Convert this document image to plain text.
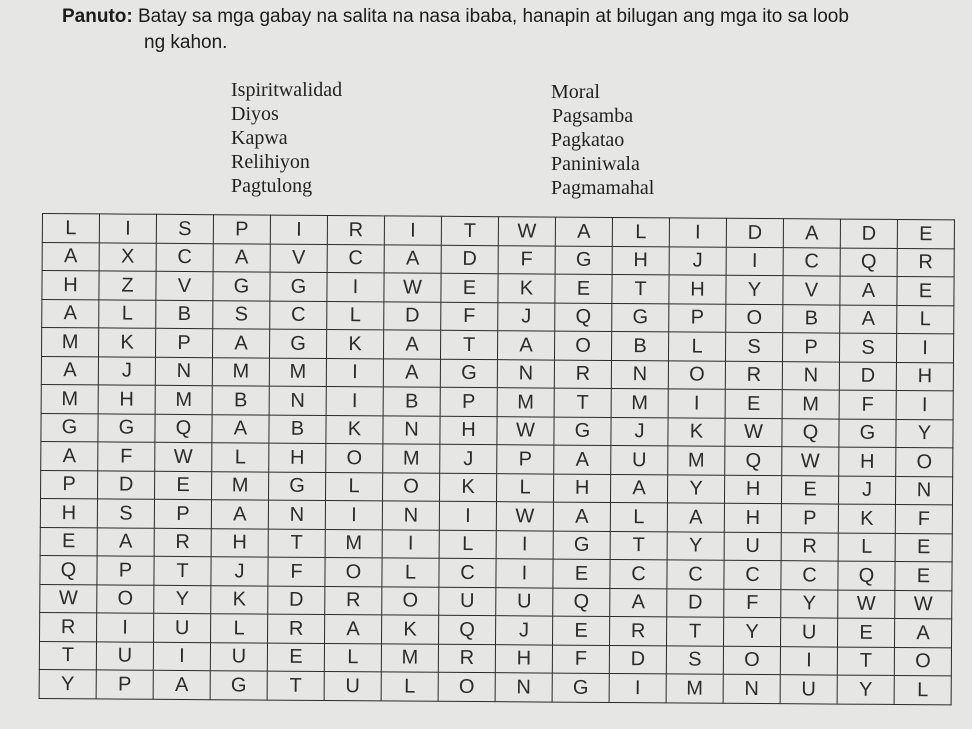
Panuto: Batay sa mga gabay na salita na nasa ibaba, hanapin at bilugan ang mga ito sa loob
ng kahon.
Ispiritwalidad
Diyos
Kapwa
Relihiyon
Pagtulong
Moral
Pagsamba
Pagkatao
Paniniwala
Pagmamahal
L	I	S	P	I	R	I	T	W	A	L	I	D	A	D	E
A	X	C	A	V	C	A	D	F	G	H	J	I	C	Q	R
H	Z	V	G	G	I	W	E	K	E	T	H	Y	V	A	E
A	L	B	S	C	L	D	F	J	Q	G	P	O	B	A	L
M	K	P	A	G	K	A	T	A	O	B	L	S	P	S	I
A	J	N	M	M	I	A	G	N	R	N	O	R	N	D	H
M	H	M	B	N	I	B	P	M	T	M	I	E	M	F	I
G	G	Q	A	B	K	N	H	W	G	J	K	W	Q	G	Y
A	F	W	L	H	O	M	J	P	A	U	M	Q	W	H	O
P	D	E	M	G	L	O	K	L	H	A	Y	H	E	J	N
H	S	P	A	N	I	N	I	W	A	L	A	H	P	K	F
E	A	R	H	T	M	I	L	I	G	T	Y	U	R	L	E
Q	P	T	J	F	O	L	C	I	E	C	C	C	C	Q	E
W	O	Y	K	D	R	O	U	U	Q	A	D	F	Y	W	W
R	I	U	L	R	A	K	Q	J	E	R	T	Y	U	E	A
T	U	I	U	E	L	M	R	H	F	D	S	O	I	T	O
Y	P	A	G	T	U	L	O	N	G	I	M	N	U	Y	L
